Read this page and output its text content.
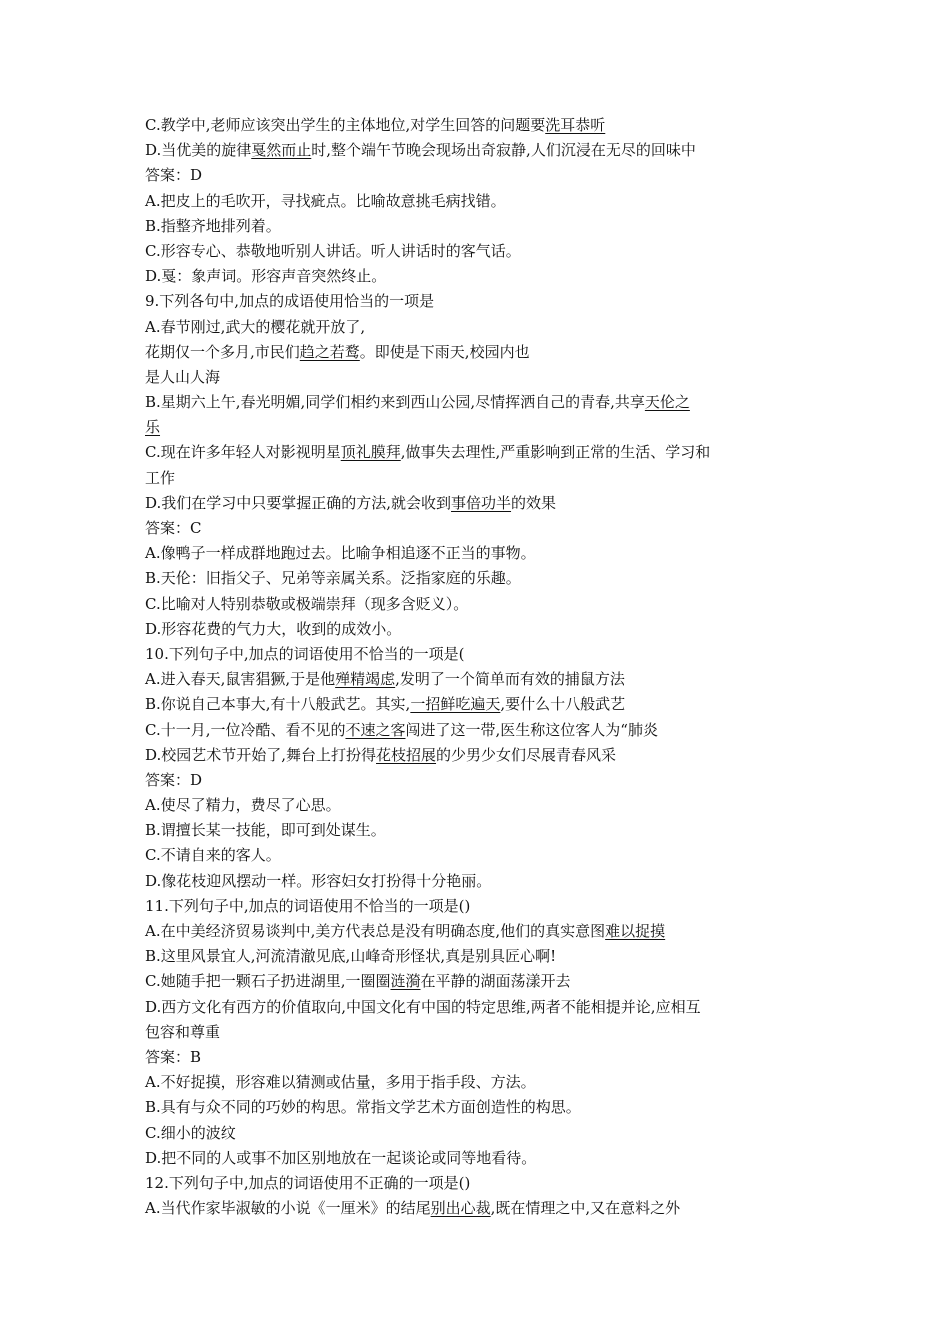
C.教学中,老师应该突出学生的主体地位,对学生回答的问题要洗耳恭听
D.当优美的旋律戛然而止时,整个端午节晚会现场出奇寂静,人们沉浸在无尽的回味中
答案：D
A.把皮上的毛吹开，寻找疵点。比喻故意挑毛病找错。
B.指整齐地排列着。
C.形容专心、恭敬地听别人讲话。听人讲话时的客气话。
D.戛：象声词。形容声音突然终止。
9.下列各句中,加点的成语使用恰当的一项是
A.春节刚过,武大的樱花就开放了,
花期仅一个多月,市民们趋之若鹜。即使是下雨天,校园内也
是人山人海
B.星期六上午,春光明媚,同学们相约来到西山公园,尽情挥洒自己的青春,共享天伦之
乐
C.现在许多年轻人对影视明星顶礼膜拜,做事失去理性,严重影响到正常的生活、学习和
工作
D.我们在学习中只要掌握正确的方法,就会收到事倍功半的效果
答案：C
A.像鸭子一样成群地跑过去。比喻争相追逐不正当的事物。
B.天伦：旧指父子、兄弟等亲属关系。泛指家庭的乐趣。
C.比喻对人特别恭敬或极端崇拜（现多含贬义）。
D.形容花费的气力大，收到的成效小。
10.下列句子中,加点的词语使用不恰当的一项是(
A.进入春天,鼠害猖獗,于是他殚精竭虑,发明了一个简单而有效的捕鼠方法
B.你说自己本事大,有十八般武艺。其实,一招鲜吃遍天,要什么十八般武艺
C.十一月,一位冷酷、看不见的不速之客闯进了这一带,医生称这位客人为“肺炎
D.校园艺术节开始了,舞台上打扮得花枝招展的少男少女们尽展青春风采
答案：D
A.使尽了精力，费尽了心思。
B.谓擅长某一技能，即可到处谋生。
C.不请自来的客人。
D.像花枝迎风摆动一样。形容妇女打扮得十分艳丽。
11.下列句子中,加点的词语使用不恰当的一项是()
A.在中美经济贸易谈判中,美方代表总是没有明确态度,他们的真实意图难以捉摸
B.这里风景宜人,河流清澈见底,山峰奇形怪状,真是别具匠心啊!
C.她随手把一颗石子扔进湖里,一圈圈涟漪在平静的湖面荡漾开去
D.西方文化有西方的价值取向,中国文化有中国的特定思维,两者不能相提并论,应相互
包容和尊重
答案：B
A.不好捉摸，形容难以猜测或估量，多用于指手段、方法。
B.具有与众不同的巧妙的构思。常指文学艺术方面创造性的构思。
C.细小的波纹
D.把不同的人或事不加区别地放在一起谈论或同等地看待。
12.下列句子中,加点的词语使用不正确的一项是()
A.当代作家毕淑敏的小说《一厘米》的结尾别出心裁,既在情理之中,又在意料之外
